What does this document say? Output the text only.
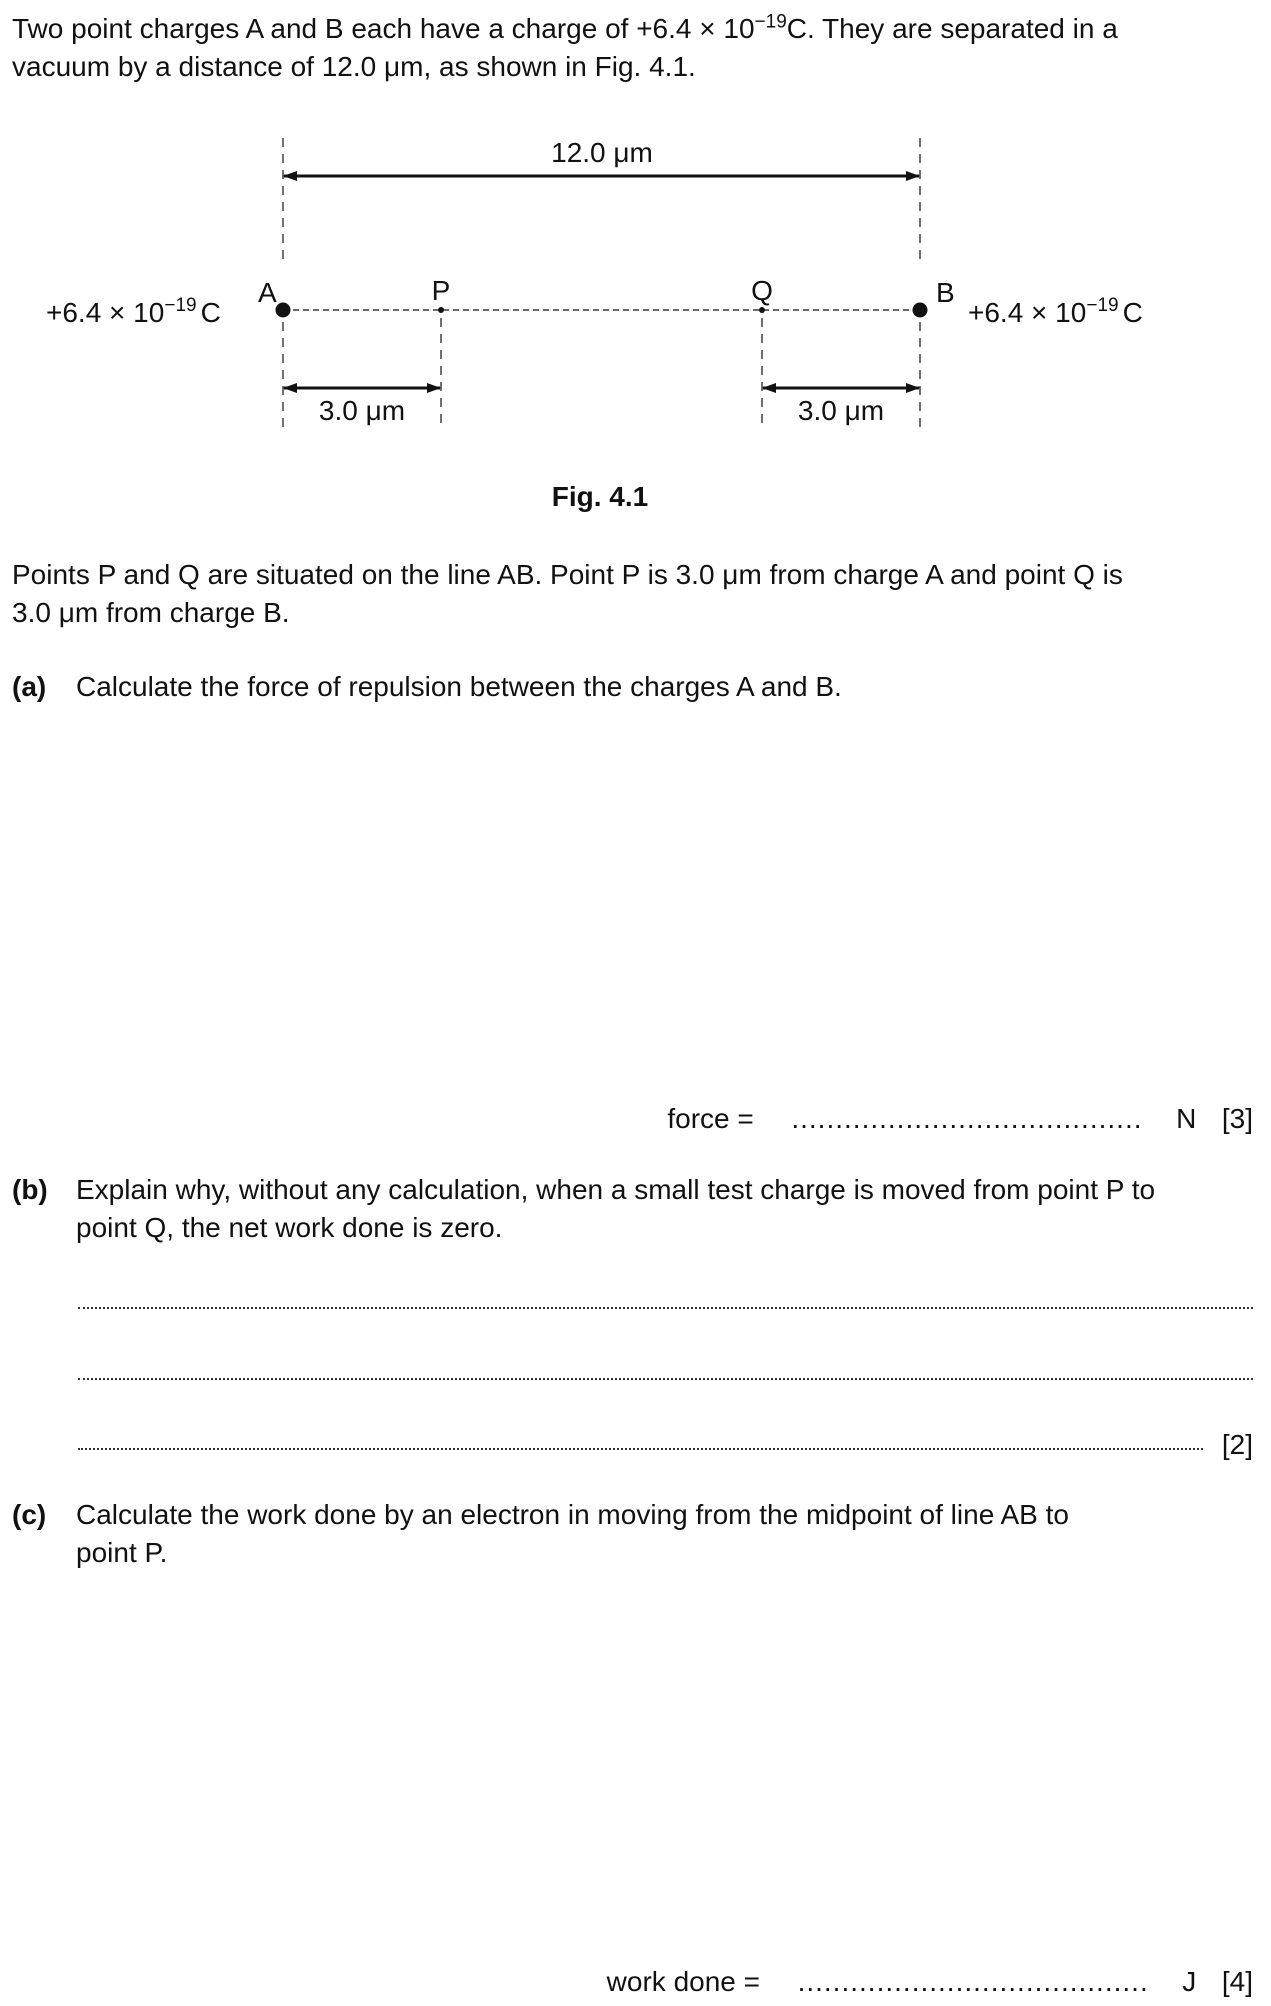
Two point charges A and B each have a charge of $+6.4 \times 10^{-19}C$. They are separated in a

vacuum by a distance of 12.0 μm, as shown in Fig. 4.1.

12.0 μm
A	P	Q	B
$+6.4 \times 10^{-19}$ C	$+6.4 \times 10^{-19}$ C
3.0 μm	3.0 μm
Fig. 4.1

Points P and Q are situated on the line AB. Point P is 3.0 μm from charge A and point Q is

3.0 μm from charge B.

(a) Calculate the force of repulsion between the charges A and B.

force = ........................................ N [3]
(b) Explain why, without any calculation, when a small test charge is moved from point P to

point Q, the net work done is zero.

[2]
(c) Calculate the work done by an electron in moving from the midpoint of line AB to

point P.

work done = ........................................ J [4]
